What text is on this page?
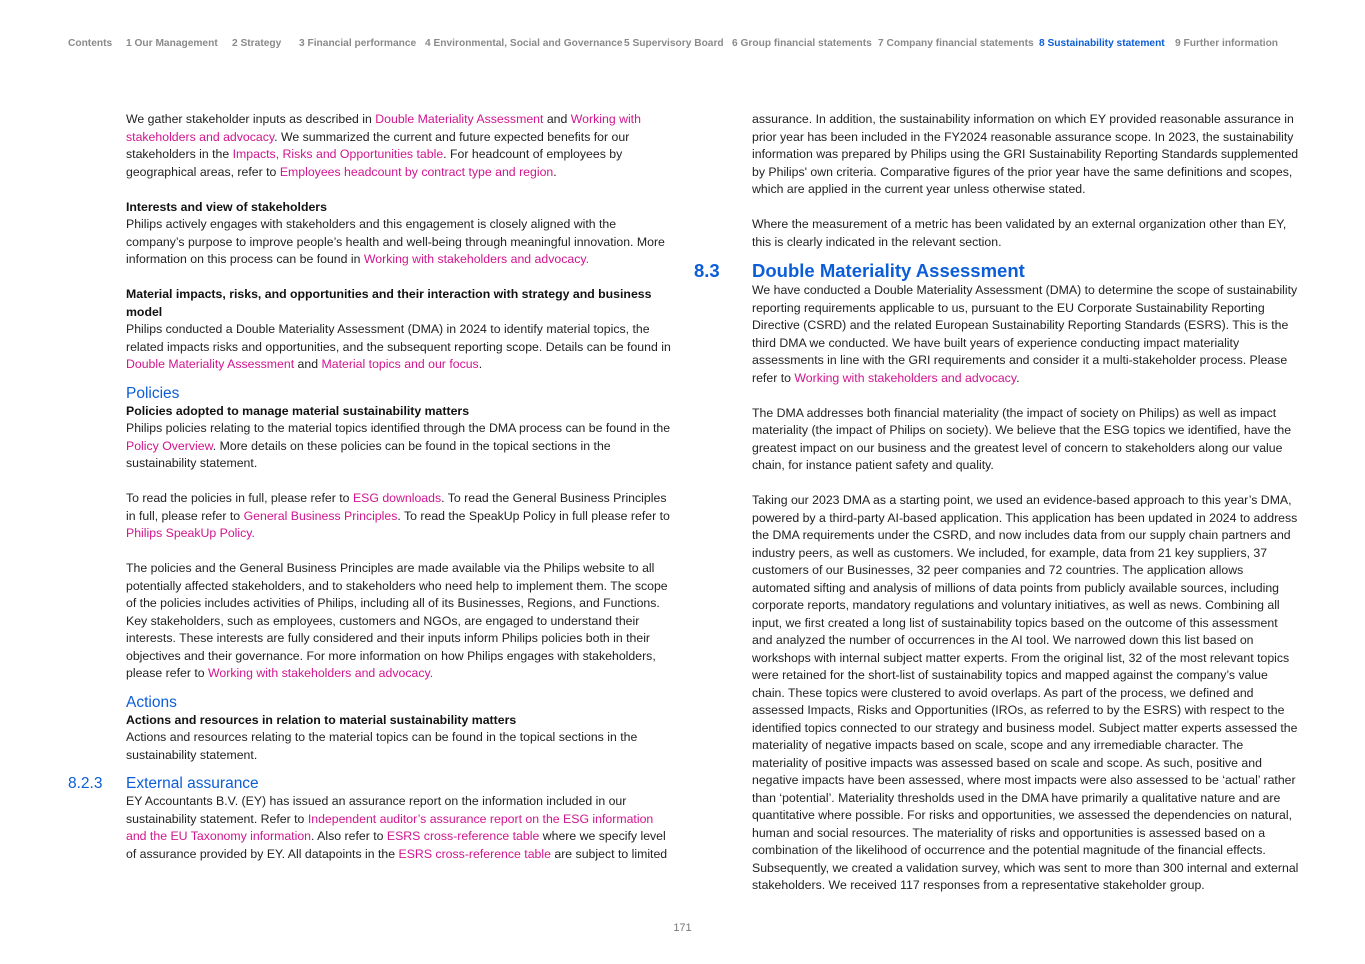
Contents 1 Our Management 2 Strategy 3 Financial performance 4 Environmental, Social and Governance 5 Supervisory Board 6 Group financial statements 7 Company financial statements 8 Sustainability statement 9 Further information

We gather stakeholder inputs as described in Double Materiality Assessment and Working with stakeholders and advocacy. We summarized the current and future expected benefits for our stakeholders in the Impacts, Risks and Opportunities table. For headcount of employees by geographical areas, refer to Employees headcount by contract type and region.

Interests and view of stakeholders

Philips actively engages with stakeholders and this engagement is closely aligned with the company’s purpose to improve people’s health and well-being through meaningful innovation. More information on this process can be found in Working with stakeholders and advocacy.

Material impacts, risks, and opportunities and their interaction with strategy and business model

Philips conducted a Double Materiality Assessment (DMA) in 2024 to identify material topics, the related impacts risks and opportunities, and the subsequent reporting scope. Details can be found in Double Materiality Assessment and Material topics and our focus.

Policies

Policies adopted to manage material sustainability matters

Philips policies relating to the material topics identified through the DMA process can be found in the Policy Overview. More details on these policies can be found in the topical sections in the sustainability statement.

To read the policies in full, please refer to ESG downloads. To read the General Business Principles in full, please refer to General Business Principles. To read the SpeakUp Policy in full please refer to Philips SpeakUp Policy.

The policies and the General Business Principles are made available via the Philips website to all potentially affected stakeholders, and to stakeholders who need help to implement them. The scope of the policies includes activities of Philips, including all of its Businesses, Regions, and Functions. Key stakeholders, such as employees, customers and NGOs, are engaged to understand their interests. These interests are fully considered and their inputs inform Philips policies both in their objectives and their governance. For more information on how Philips engages with stakeholders, please refer to Working with stakeholders and advocacy.

Actions

Actions and resources in relation to material sustainability matters

Actions and resources relating to the material topics can be found in the topical sections in the sustainability statement.

8.2.3 External assurance

EY Accountants B.V. (EY) has issued an assurance report on the information included in our sustainability statement. Refer to Independent auditor’s assurance report on the ESG information and the EU Taxonomy information. Also refer to ESRS cross-reference table where we specify level of assurance provided by EY. All datapoints in the ESRS cross-reference table are subject to limited

assurance. In addition, the sustainability information on which EY provided reasonable assurance in prior year has been included in the FY2024 reasonable assurance scope. In 2023, the sustainability information was prepared by Philips using the GRI Sustainability Reporting Standards supplemented by Philips' own criteria. Comparative figures of the prior year have the same definitions and scopes, which are applied in the current year unless otherwise stated.

Where the measurement of a metric has been validated by an external organization other than EY, this is clearly indicated in the relevant section.

8.3 Double Materiality Assessment

We have conducted a Double Materiality Assessment (DMA) to determine the scope of sustainability reporting requirements applicable to us, pursuant to the EU Corporate Sustainability Reporting Directive (CSRD) and the related European Sustainability Reporting Standards (ESRS). This is the third DMA we conducted. We have built years of experience conducting impact materiality assessments in line with the GRI requirements and consider it a multi-stakeholder process. Please refer to Working with stakeholders and advocacy.

The DMA addresses both financial materiality (the impact of society on Philips) as well as impact materiality (the impact of Philips on society). We believe that the ESG topics we identified, have the greatest impact on our business and the greatest level of concern to stakeholders along our value chain, for instance patient safety and quality.

Taking our 2023 DMA as a starting point, we used an evidence-based approach to this year’s DMA, powered by a third-party AI-based application. This application has been updated in 2024 to address the DMA requirements under the CSRD, and now includes data from our supply chain partners and industry peers, as well as customers. We included, for example, data from 21 key suppliers, 37 customers of our Businesses, 32 peer companies and 72 countries. The application allows automated sifting and analysis of millions of data points from publicly available sources, including corporate reports, mandatory regulations and voluntary initiatives, as well as news. Combining all input, we first created a long list of sustainability topics based on the outcome of this assessment and analyzed the number of occurrences in the AI tool. We narrowed down this list based on workshops with internal subject matter experts. From the original list, 32 of the most relevant topics were retained for the short-list of sustainability topics and mapped against the company’s value chain. These topics were clustered to avoid overlaps. As part of the process, we defined and assessed Impacts, Risks and Opportunities (IROs, as referred to by the ESRS) with respect to the identified topics connected to our strategy and business model. Subject matter experts assessed the materiality of negative impacts based on scale, scope and any irremediable character. The materiality of positive impacts was assessed based on scale and scope. As such, positive and negative impacts have been assessed, where most impacts were also assessed to be ‘actual’ rather than ‘potential’. Materiality thresholds used in the DMA have primarily a qualitative nature and are quantitative where possible. For risks and opportunities, we assessed the dependencies on natural, human and social resources. The materiality of risks and opportunities is assessed based on a combination of the likelihood of occurrence and the potential magnitude of the financial effects. Subsequently, we created a validation survey, which was sent to more than 300 internal and external stakeholders. We received 117 responses from a representative stakeholder group.

171
